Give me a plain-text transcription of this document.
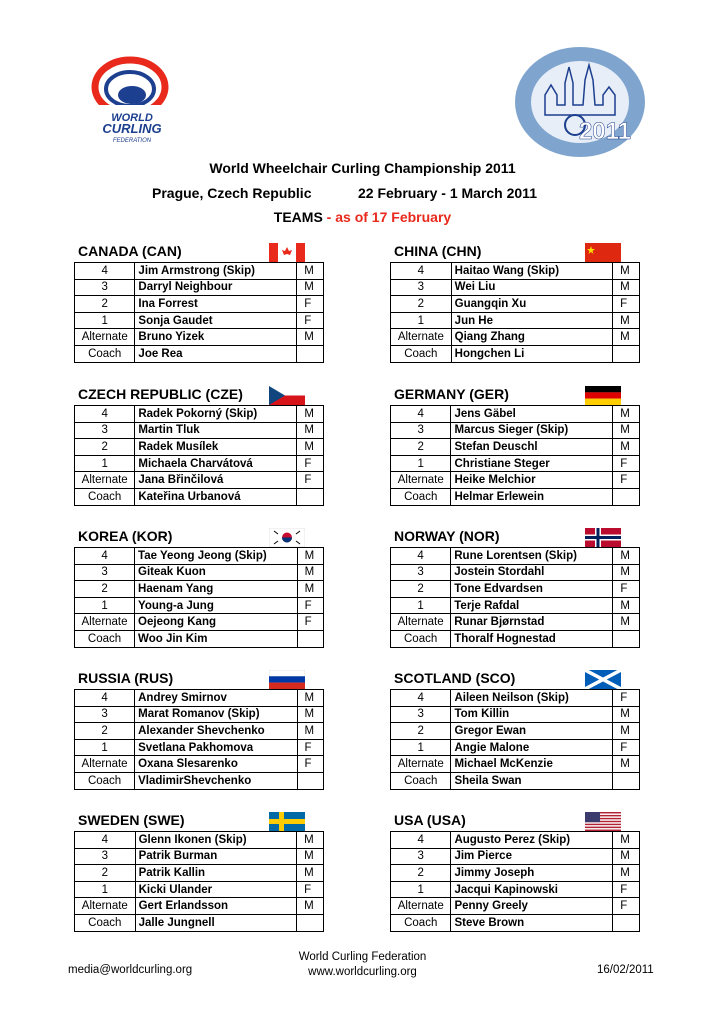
WORLD
CURLING
FEDERATION	2011
World Wheelchair Curling Championship 2011
Prague, Czech Republic	22 February - 1 March 2011
TEAMS - as of 17 February
CANADA (CAN)
4	Jim Armstrong (Skip)	M
3	Darryl Neighbour	M
2	Ina Forrest	F
1	Sonja Gaudet	F
Alternate	Bruno Yizek	M
Coach	Joe Rea	
CHINA (CHN)
4	Haitao Wang (Skip)	M
3	Wei Liu	M
2	Guangqin Xu	F
1	Jun He	M
Alternate	Qiang Zhang	M
Coach	Hongchen Li	
CZECH REPUBLIC (CZE)
4	Radek Pokorný (Skip)	M
3	Martin Tluk	M
2	Radek Musílek	M
1	Michaela Charvátová	F
Alternate	Jana Břinčilová	F
Coach	Kateřina Urbanová	
GERMANY (GER)
4	Jens Gäbel	M
3	Marcus Sieger (Skip)	M
2	Stefan Deuschl	M
1	Christiane Steger	F
Alternate	Heike Melchior	F
Coach	Helmar Erlewein	
KOREA (KOR)
4	Tae Yeong Jeong (Skip)	M
3	Giteak Kuon	M
2	Haenam Yang	M
1	Young-a Jung	F
Alternate	Oejeong Kang	F
Coach	Woo Jin Kim	
NORWAY (NOR)
4	Rune Lorentsen (Skip)	M
3	Jostein Stordahl	M
2	Tone Edvardsen	F
1	Terje Rafdal	M
Alternate	Runar Bjørnstad	M
Coach	Thoralf Hognestad	
RUSSIA (RUS)
4	Andrey Smirnov	M
3	Marat Romanov (Skip)	M
2	Alexander Shevchenko	M
1	Svetlana Pakhomova	F
Alternate	Oxana Slesarenko	F
Coach	VladimirShevchenko	
SCOTLAND (SCO)
4	Aileen Neilson (Skip)	F
3	Tom Killin	M
2	Gregor Ewan	M
1	Angie Malone	F
Alternate	Michael McKenzie	M
Coach	Sheila Swan	
SWEDEN (SWE)
4	Glenn Ikonen (Skip)	M
3	Patrik Burman	M
2	Patrik Kallin	M
1	Kicki Ulander	F
Alternate	Gert Erlandsson	M
Coach	Jalle Jungnell	
USA (USA)
4	Augusto Perez (Skip)	M
3	Jim Pierce	M
2	Jimmy Joseph	M
1	Jacqui Kapinowski	F
Alternate	Penny Greely	F
Coach	Steve Brown	
media@worldcurling.org
World Curling Federation
www.worldcurling.org	16/02/2011
